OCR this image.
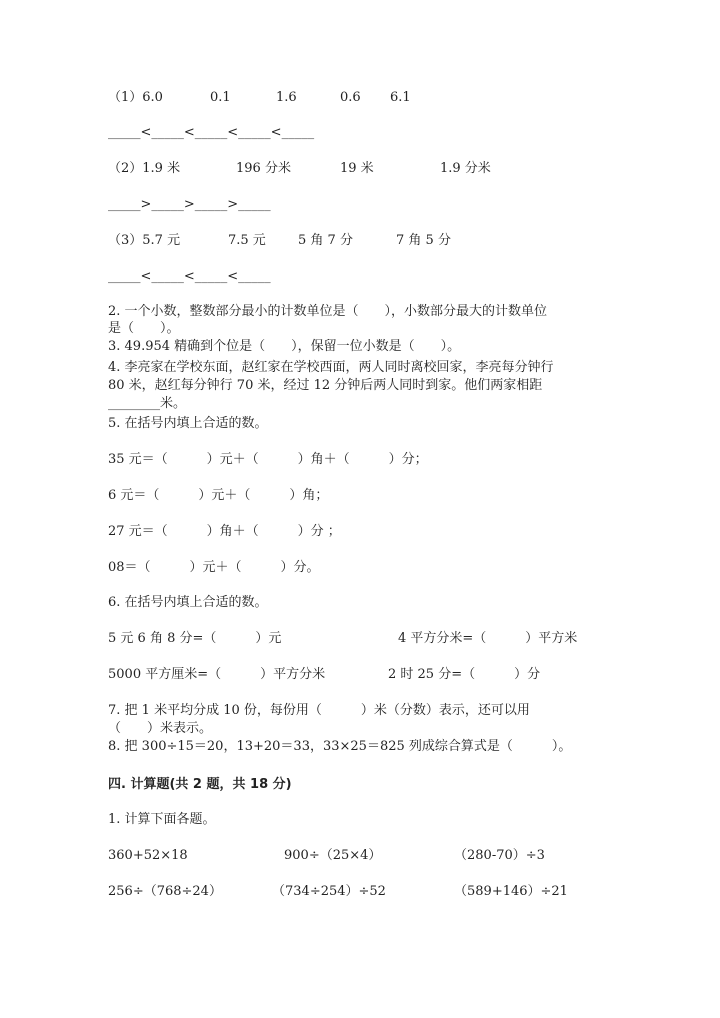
（1）6.0	0.1	1.6	0.6 6.1
_____<_____<_____<_____<_____
（2）1.9 米	196 分米	19 米	1.9 分米
_____>_____>_____>_____
（3）5.7 元	7.5 元 5 角 7 分	7 角 5 分
_____<_____<_____<_____
2. 一个小数，整数部分最小的计数单位是（　　），小数部分最大的计数单位
是（　　）。
3. 49.954 精确到个位是（　　），保留一位小数是（　　）。
4. 李亮家在学校东面，赵红家在学校西面，两人同时离校回家，李亮每分钟行
80 米，赵红每分钟行 70 米，经过 12 分钟后两人同时到家。他们两家相距
________米。
5. 在括号内填上合适的数。
35 元＝（　　　）元＋（　　　）角＋（　　　）分；
6 元＝（　　　）元＋（　　　）角；
27 元＝（　　　）角＋（　　　）分 ；
08＝（　　　）元＋（　　　）分。
6. 在括号内填上合适的数。
5 元 6 角 8 分=（　　　）元	4 平方分米=（　　　）平方米
5000 平方厘米=（　　　）平方分米	2 时 25 分=（　　　）分
7. 把 1 米平均分成 10 份，每份用（　　　）米（分数）表示，还可以用
（　　）米表示。
8. 把 300÷15＝20，13+20＝33，33×25＝825 列成综合算式是（　　　）。
四. 计算题(共 2 题，共 18 分)
1. 计算下面各题。
360+52×18	900÷（25×4）	（280-70）÷3
256÷（768÷24）	（734÷254）÷52	（589+146）÷21
